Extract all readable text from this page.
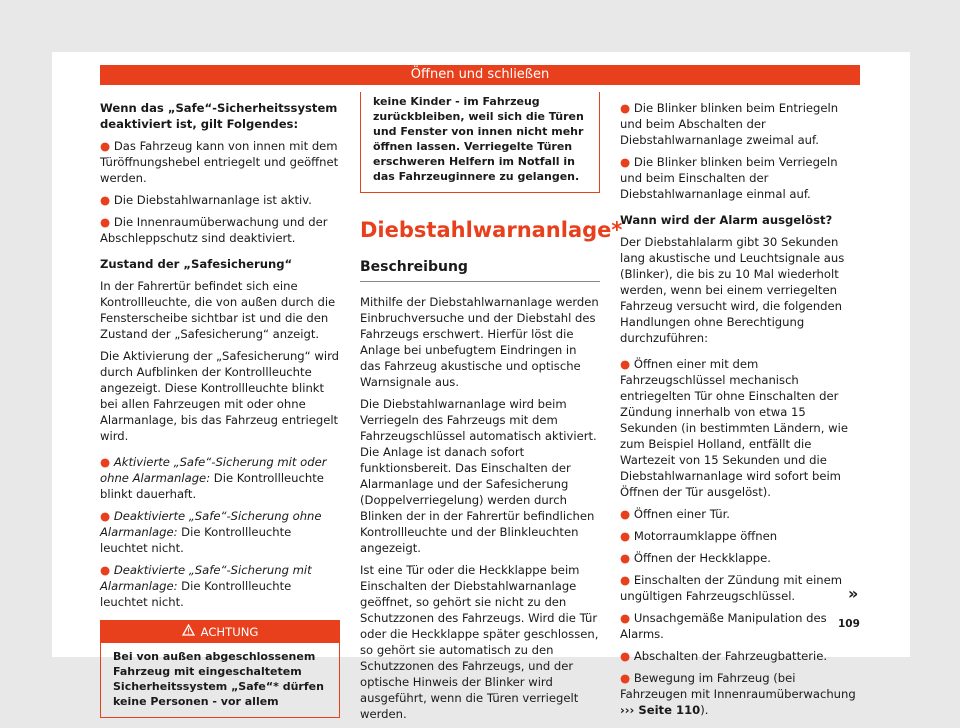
Öffnen und schließen

Wenn das „Safe“-Sicherheitssystem deaktiviert ist, gilt Folgendes:

● Das Fahrzeug kann von innen mit dem Türöffnungshebel entriegelt und geöffnet werden.
● Die Diebstahlwarnanlage ist aktiv.
● Die Innenraumüberwachung und der Abschleppschutz sind deaktiviert.

Zustand der „Safesicherung“

In der Fahrertür befindet sich eine Kontrollleuchte, die von außen durch die Fensterscheibe sichtbar ist und die den Zustand der „Safesicherung“ anzeigt.

Die Aktivierung der „Safesicherung“ wird durch Aufblinken der Kontrollleuchte angezeigt. Diese Kontrollleuchte blinkt bei allen Fahrzeugen mit oder ohne Alarmanlage, bis das Fahrzeug entriegelt wird.

● Aktivierte „Safe“-Sicherung mit oder ohne Alarmanlage: Die Kontrollleuchte blinkt dauerhaft.
● Deaktivierte „Safe“-Sicherung ohne Alarmanlage: Die Kontrollleuchte leuchtet nicht.
● Deaktivierte „Safe“-Sicherung mit Alarmanlage: Die Kontrollleuchte leuchtet nicht.
ACHTUNG
Bei von außen abgeschlossenem Fahrzeug mit eingeschaltetem Sicherheitssystem „Safe“* dürfen keine Personen - vor allem
keine Kinder - im Fahrzeug zurückbleiben, weil sich die Türen und Fenster von innen nicht mehr öffnen lassen. Verriegelte Türen erschweren Helfern im Notfall in das Fahrzeuginnere zu gelangen.
Diebstahlwarnanlage*
Beschreibung

Mithilfe der Diebstahlwarnanlage werden Einbruchversuche und der Diebstahl des Fahrzeugs erschwert. Hierfür löst die Anlage bei unbefugtem Eindringen in das Fahrzeug akustische und optische Warnsignale aus.

Die Diebstahlwarnanlage wird beim Verriegeln des Fahrzeugs mit dem Fahrzeugschlüssel automatisch aktiviert. Die Anlage ist danach sofort funktionsbereit. Das Einschalten der Alarmanlage und der Safesicherung (Doppelverriegelung) werden durch Blinken der in der Fahrertür befindlichen Kontrollleuchte und der Blinkleuchten angezeigt.

Ist eine Tür oder die Heckklappe beim Einschalten der Diebstahlwarnanlage geöffnet, so gehört sie nicht zu den Schutzzonen des Fahrzeugs. Wird die Tür oder die Heckklappe später geschlossen, so gehört sie automatisch zu den Schutzzonen des Fahrzeugs, und der optische Hinweis der Blinker wird ausgeführt, wenn die Türen verriegelt werden.

● Die Blinker blinken beim Entriegeln und beim Abschalten der Diebstahlwarnanlage zweimal auf.
● Die Blinker blinken beim Verriegeln und beim Einschalten der Diebstahlwarnanlage einmal auf.

Wann wird der Alarm ausgelöst?

Der Diebstahlalarm gibt 30 Sekunden lang akustische und Leuchtsignale aus (Blinker), die bis zu 10 Mal wiederholt werden, wenn bei einem verriegelten Fahrzeug versucht wird, die folgenden Handlungen ohne Berechtigung durchzuführen:

● Öffnen einer mit dem Fahrzeugschlüssel mechanisch entriegelten Tür ohne Einschalten der Zündung innerhalb von etwa 15 Sekunden (in bestimmten Ländern, wie zum Beispiel Holland, entfällt die Wartezeit von 15 Sekunden und die Diebstahlwarnanlage wird sofort beim Öffnen der Tür ausgelöst).
● Öffnen einer Tür.
● Motorraumklappe öffnen
● Öffnen der Heckklappe.
● Einschalten der Zündung mit einem ungültigen Fahrzeugschlüssel.
● Unsachgemäße Manipulation des Alarms.
● Abschalten der Fahrzeugbatterie.
● Bewegung im Fahrzeug (bei Fahrzeugen mit Innenraumüberwachung ››› Seite 110).
»
109
